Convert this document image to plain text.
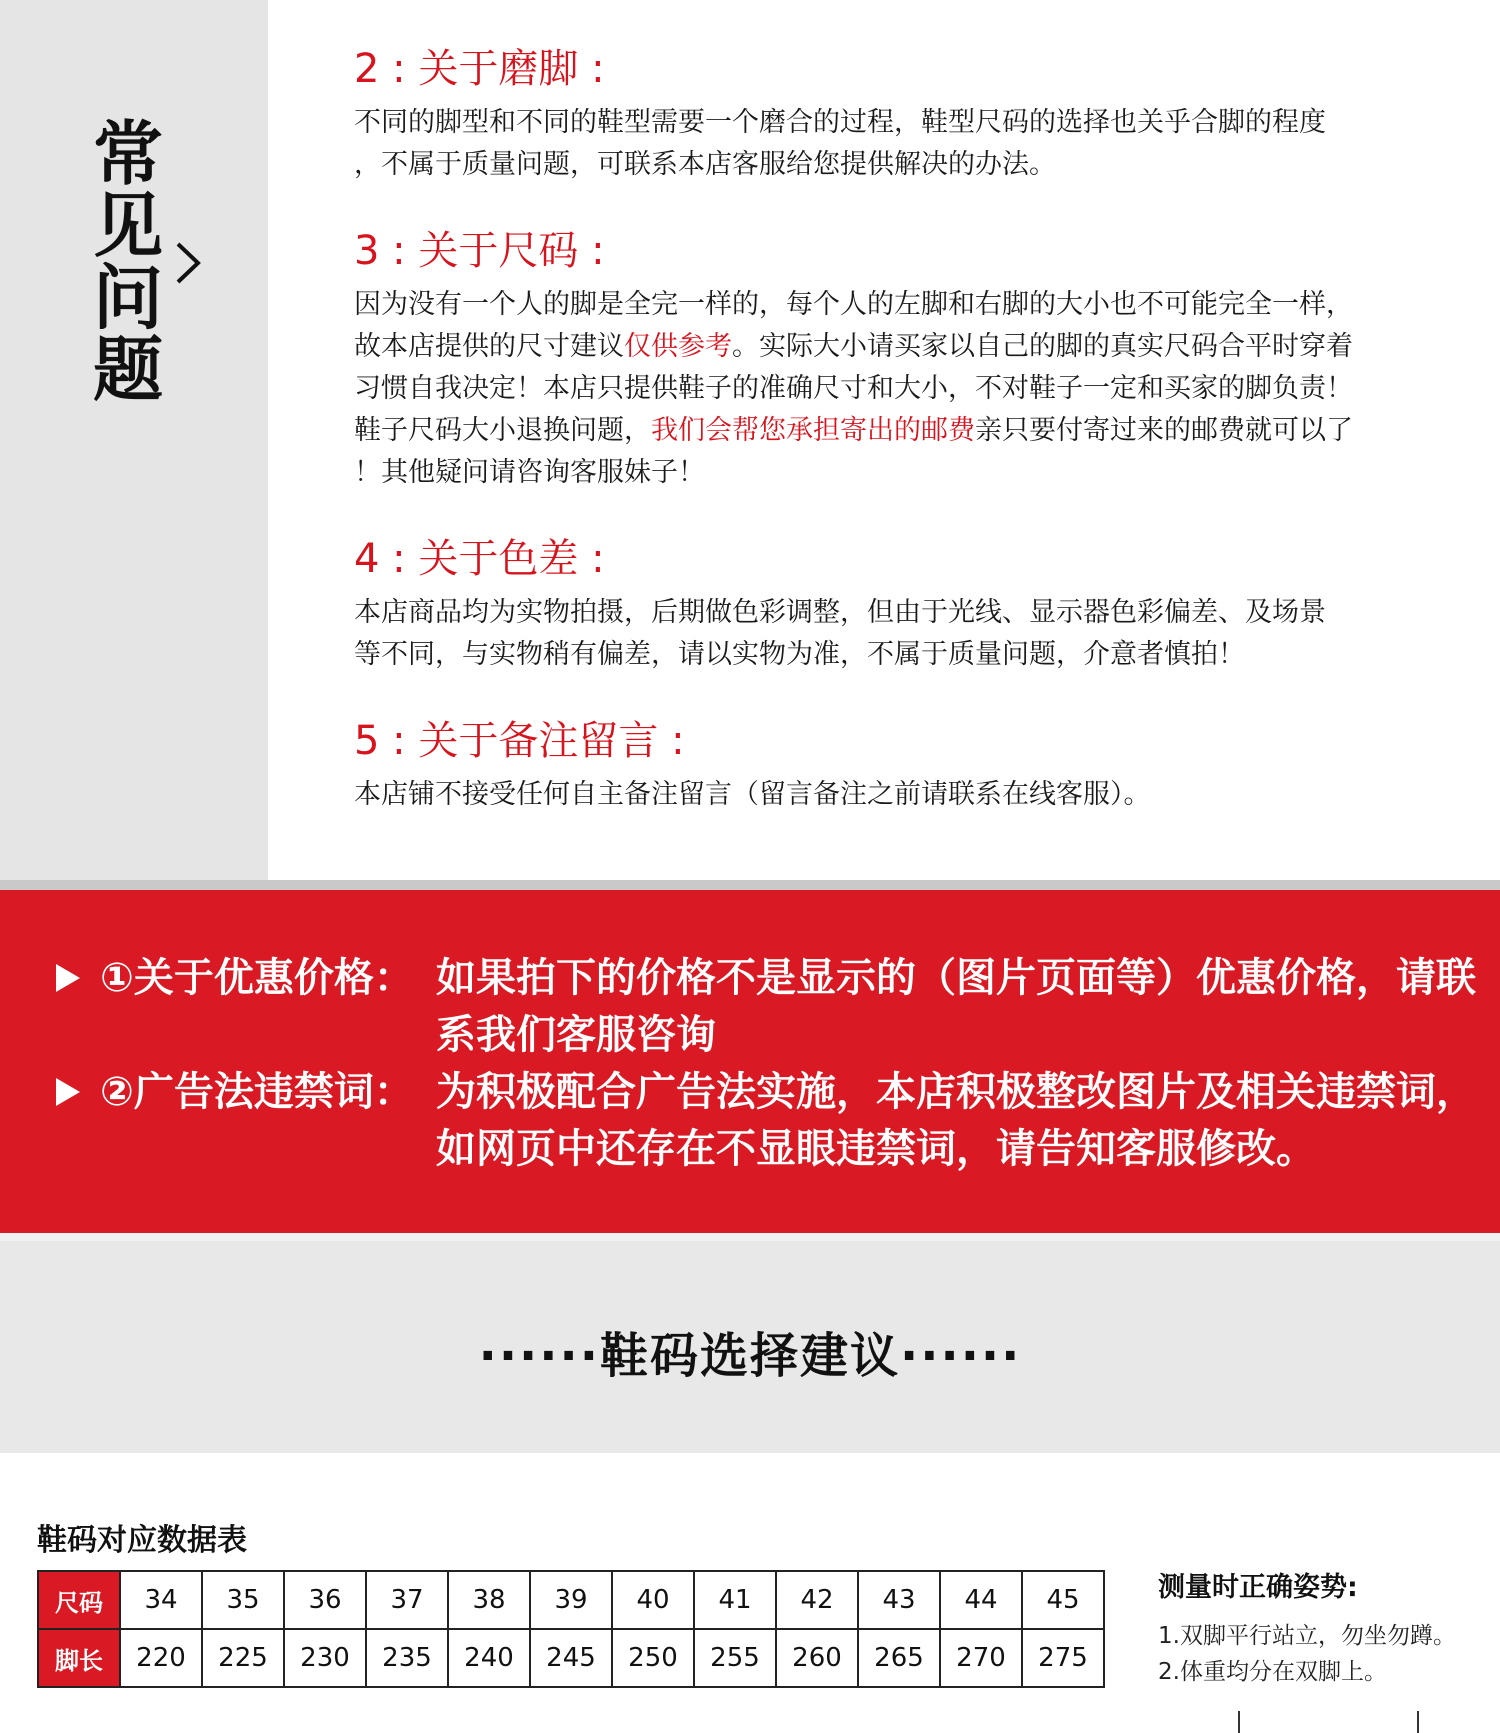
常
见
问
题
2 : 关于磨脚 :

不同的脚型和不同的鞋型需要一个磨合的过程，鞋型尺码的选择也关乎合脚的程度
，不属于质量问题，可联系本店客服给您提供解决的办法。

3 : 关于尺码 :

因为没有一个人的脚是全完一样的，每个人的左脚和右脚的大小也不可能完全一样，
故本店提供的尺寸建议仅供参考。实际大小请买家以自己的脚的真实尺码合平时穿着
习惯自我决定！本店只提供鞋子的准确尺寸和大小，不对鞋子一定和买家的脚负责！
鞋子尺码大小退换问题，我们会帮您承担寄出的邮费亲只要付寄过来的邮费就可以了
！其他疑问请咨询客服妹子！

4 : 关于色差 :

本店商品均为实物拍摄，后期做色彩调整，但由于光线、显示器色彩偏差、及场景
等不同，与实物稍有偏差，请以实物为准，不属于质量问题，介意者慎拍！

5 : 关于备注留言 :

本店铺不接受任何自主备注留言（留言备注之前请联系在线客服）。

①关于优惠价格： 如果拍下的价格不是显示的（图片页面等）优惠价格，请联系我们客服咨询
②广告法违禁词： 为积极配合广告法实施，本店积极整改图片及相关违禁词，如网页中还存在不显眼违禁词，请告知客服修改。
······鞋码选择建议······
鞋码对应数据表
尺码	34	35	36	37	38	39	40	41	42	43	44	45
脚长	220	225	230	235	240	245	250	255	260	265	270	275
测量时正确姿势:

1.双脚平行站立，勿坐勿蹲。

2.体重均分在双脚上。
